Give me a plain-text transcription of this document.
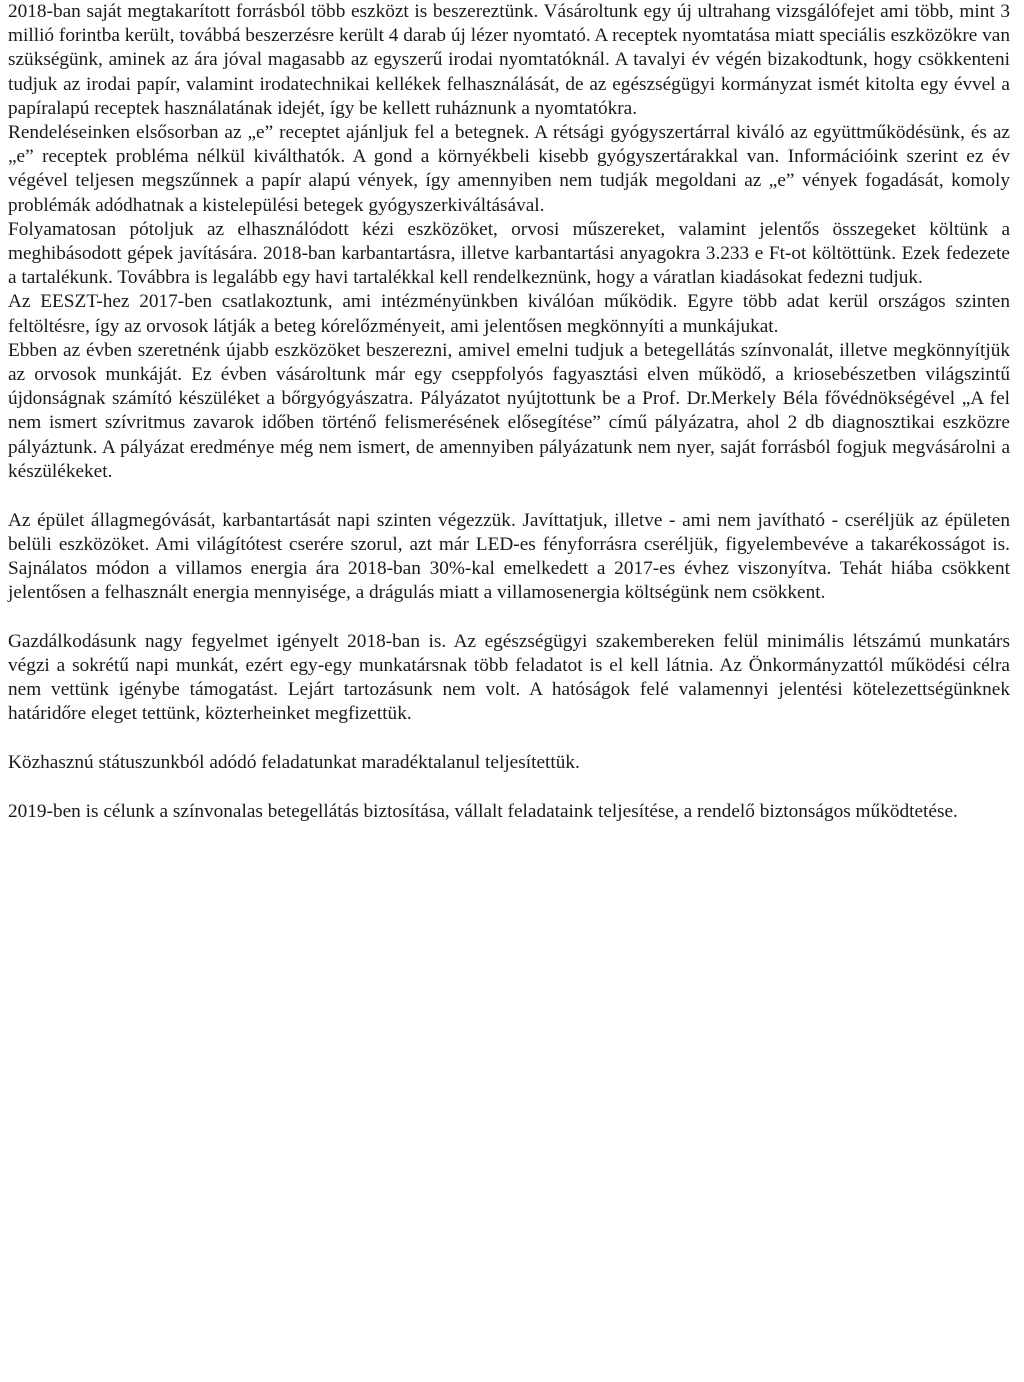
2018-ban saját megtakarított forrásból több eszközt is beszereztünk. Vásároltunk egy új ultrahang vizsgálófejet ami több, mint 3 millió forintba került, továbbá beszerzésre került 4 darab új lézer nyomtató. A receptek nyomtatása miatt speciális eszközökre van szükségünk, aminek az ára jóval magasabb az egyszerű irodai nyomtatóknál. A tavalyi év végén bizakodtunk, hogy csökkenteni tudjuk az irodai papír, valamint irodatechnikai kellékek felhasználását, de az egészségügyi kormányzat ismét kitolta egy évvel a papíralapú receptek használatának idejét, így be kellett ruháznunk a nyomtatókra.

Rendeléseinken elsősorban az „e” receptet ajánljuk fel a betegnek. A rétsági gyógyszertárral kiváló az együttműködésünk, és az „e” receptek probléma nélkül kiválthatók. A gond a környékbeli kisebb gyógyszertárakkal van. Információink szerint ez év végével teljesen megszűnnek a papír alapú vények, így amennyiben nem tudják megoldani az „e” vények fogadását, komoly problémák adódhatnak a kistelepülési betegek gyógyszerkiváltásával.

Folyamatosan pótoljuk az elhasználódott kézi eszközöket, orvosi műszereket, valamint jelentős összegeket költünk a meghibásodott gépek javítására. 2018-ban karbantartásra, illetve karbantartási anyagokra 3.233 e Ft-ot költöttünk. Ezek fedezete a tartalékunk. Továbbra is legalább egy havi tartalékkal kell rendelkeznünk, hogy a váratlan kiadásokat fedezni tudjuk.

Az EESZT-hez 2017-ben csatlakoztunk, ami intézményünkben kiválóan működik. Egyre több adat kerül országos szinten feltöltésre, így az orvosok látják a beteg kórelőzményeit, ami jelentősen megkönnyíti a munkájukat.

Ebben az évben szeretnénk újabb eszközöket beszerezni, amivel emelni tudjuk a betegellátás színvonalát, illetve megkönnyítjük az orvosok munkáját. Ez évben vásároltunk már egy cseppfolyós fagyasztási elven működő, a kriosebészetben világszintű újdonságnak számító készüléket a bőrgyógyászatra. Pályázatot nyújtottunk be a Prof. Dr.Merkely Béla fővédnökségével „A fel nem ismert szívritmus zavarok időben történő felismerésének elősegítése” című pályázatra, ahol 2 db diagnosztikai eszközre pályáztunk. A pályázat eredménye még nem ismert, de amennyiben pályázatunk nem nyer, saját forrásból fogjuk megvásárolni a készülékeket.

Az épület állagmegóvását, karbantartását napi szinten végezzük. Javíttatjuk, illetve - ami nem javítható - cseréljük az épületen belüli eszközöket. Ami világítótest cserére szorul, azt már LED-es fényforrásra cseréljük, figyelembevéve a takarékosságot is. Sajnálatos módon a villamos energia ára 2018-ban 30%-kal emelkedett a 2017-es évhez viszonyítva. Tehát hiába csökkent jelentősen a felhasznált energia mennyisége, a drágulás miatt a villamosenergia költségünk nem csökkent.

Gazdálkodásunk nagy fegyelmet igényelt 2018-ban is. Az egészségügyi szakembereken felül minimális létszámú munkatárs végzi a sokrétű napi munkát, ezért egy-egy munkatársnak több feladatot is el kell látnia. Az Önkormányzattól működési célra nem vettünk igénybe támogatást. Lejárt tartozásunk nem volt. A hatóságok felé valamennyi jelentési kötelezettségünknek határidőre eleget tettünk, közterheinket megfizettük.

Közhasznú státuszunkból adódó feladatunkat maradéktalanul teljesítettük.

2019-ben is célunk a színvonalas betegellátás biztosítása, vállalt feladataink teljesítése, a rendelő biztonságos működtetése.
